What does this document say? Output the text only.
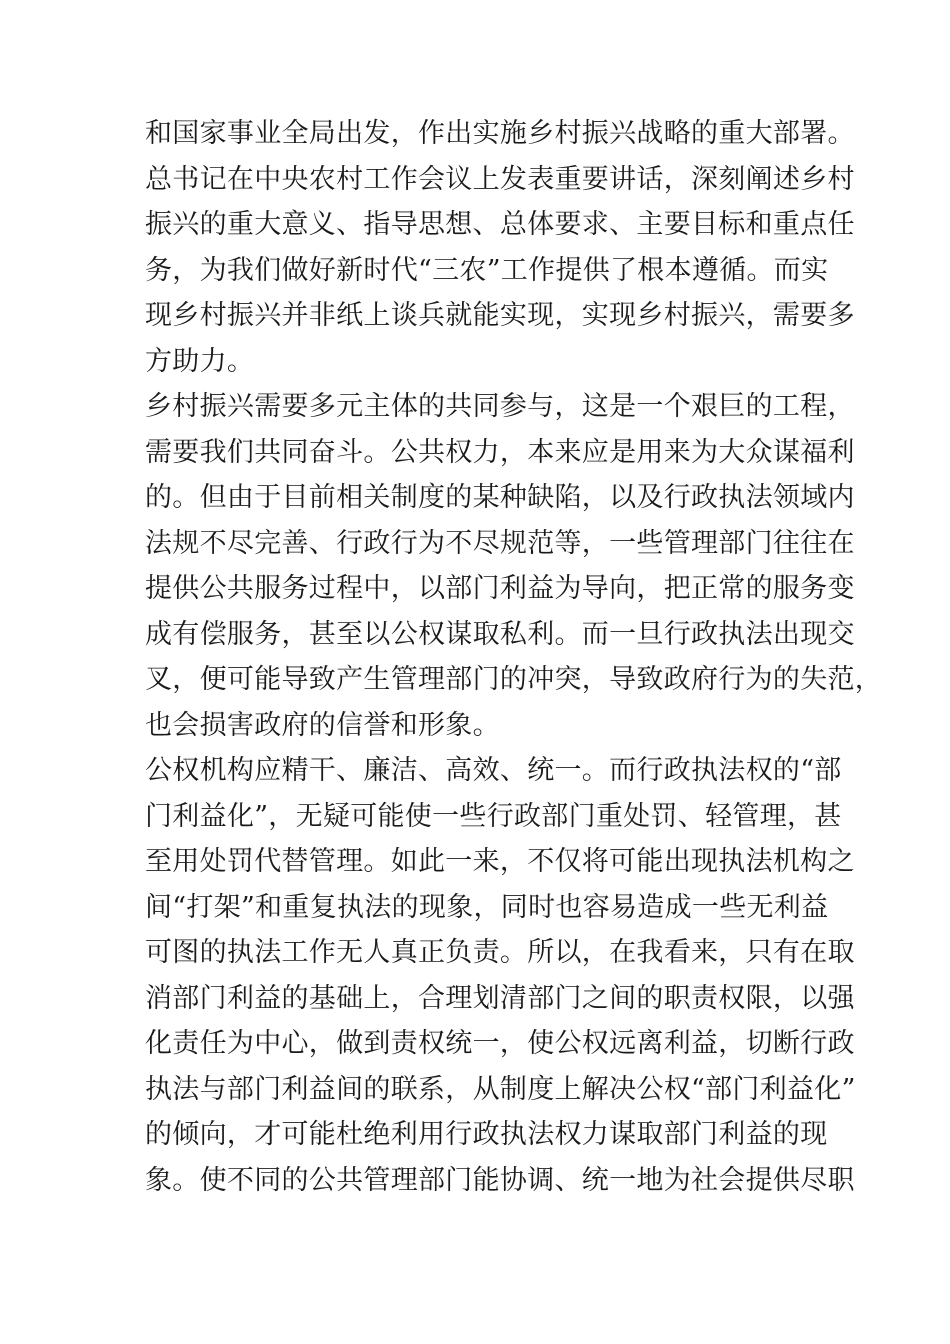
和国家事业全局出发，作出实施乡村振兴战略的重大部署。
总书记在中央农村工作会议上发表重要讲话，深刻阐述乡村
振兴的重大意义、指导思想、总体要求、主要目标和重点任
务，为我们做好新时代“三农”工作提供了根本遵循。而实
现乡村振兴并非纸上谈兵就能实现，实现乡村振兴，需要多
方助力。
乡村振兴需要多元主体的共同参与，这是一个艰巨的工程，
需要我们共同奋斗。公共权力，本来应是用来为大众谋福利
的。但由于目前相关制度的某种缺陷，以及行政执法领域内
法规不尽完善、行政行为不尽规范等，一些管理部门往往在
提供公共服务过程中，以部门利益为导向，把正常的服务变
成有偿服务，甚至以公权谋取私利。而一旦行政执法出现交
叉，便可能导致产生管理部门的冲突，导致政府行为的失范，
也会损害政府的信誉和形象。
公权机构应精干、廉洁、高效、统一。而行政执法权的“部
门利益化”，无疑可能使一些行政部门重处罚、轻管理，甚
至用处罚代替管理。如此一来，不仅将可能出现执法机构之
间“打架”和重复执法的现象，同时也容易造成一些无利益
可图的执法工作无人真正负责。所以，在我看来，只有在取
消部门利益的基础上，合理划清部门之间的职责权限，以强
化责任为中心，做到责权统一，使公权远离利益，切断行政
执法与部门利益间的联系，从制度上解决公权“部门利益化”
的倾向，才可能杜绝利用行政执法权力谋取部门利益的现
象。使不同的公共管理部门能协调、统一地为社会提供尽职
